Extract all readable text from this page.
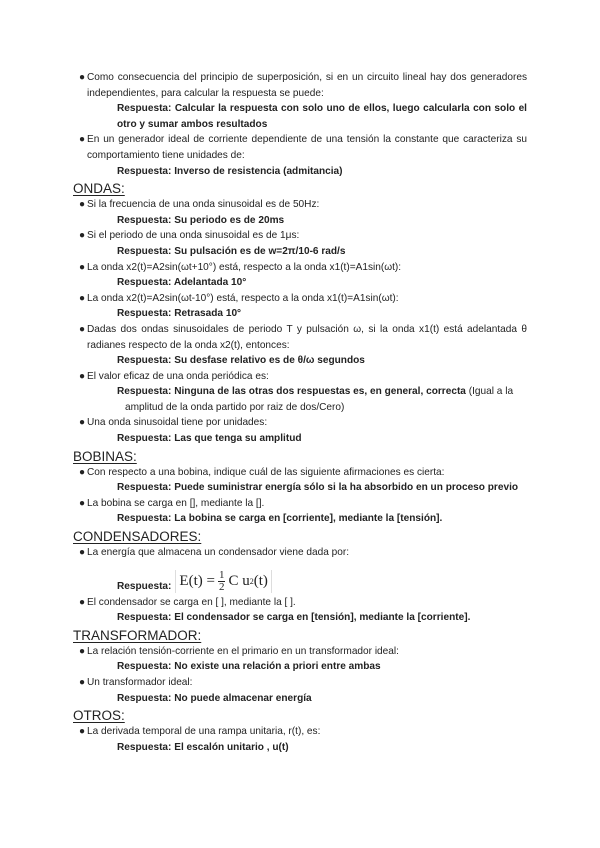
● Como consecuencia del principio de superposición, si en un circuito lineal hay dos generadores independientes, para calcular la respuesta se puede:

Respuesta: Calcular la respuesta con solo uno de ellos, luego calcularla con solo el otro y sumar ambos resultados

● En un generador ideal de corriente dependiente de una tensión la constante que caracteriza su comportamiento tiene unidades de:

Respuesta: Inverso de resistencia (admitancia)

ONDAS:

● Si la frecuencia de una onda sinusoidal es de 50Hz:

Respuesta: Su periodo es de 20ms

● Si el periodo de una onda sinusoidal es de 1μs:

Respuesta: Su pulsación es de w=2π/10-6 rad/s

● La onda x2(t)=A2sin(ωt+10°) está, respecto a la onda x1(t)=A1sin(ωt):

Respuesta: Adelantada 10°

● La onda x2(t)=A2sin(ωt-10°) está, respecto a la onda x1(t)=A1sin(ωt):

Respuesta: Retrasada 10°

● Dadas dos ondas sinusoidales de periodo T y pulsación ω, si la onda x1(t) está adelantada θ radianes respecto de la onda x2(t), entonces:

Respuesta: Su desfase relativo es de θ/ω segundos

● El valor eficaz de una onda periódica es:

Respuesta: Ninguna de las otras dos respuestas es, en general, correcta (Igual a la
amplitud de la onda partido por raiz de dos/Cero)

● Una onda sinusoidal tiene por unidades:

Respuesta: Las que tenga su amplitud

BOBINAS:

● Con respecto a una bobina, indique cuál de las siguiente afirmaciones es cierta:

Respuesta: Puede suministrar energía sólo si la ha absorbido en un proceso previo

● La bobina se carga en [], mediante la [].

Respuesta: La bobina se carga en [corriente], mediante la [tensión].

CONDENSADORES:

● La energía que almacena un condensador viene dada por:

Respuesta: $E(t) = \frac{1}{2}$ C u 2 (t)

● El condensador se carga en [ ], mediante la [ ].

Respuesta: El condensador se carga en [tensión], mediante la [corriente].

TRANSFORMADOR:

● La relación tensión-corriente en el primario en un transformador ideal:

Respuesta: No existe una relación a priori entre ambas

● Un transformador ideal:

Respuesta: No puede almacenar energía

OTROS:

● La derivada temporal de una rampa unitaria, r(t), es:

Respuesta: El escalón unitario , u(t)
